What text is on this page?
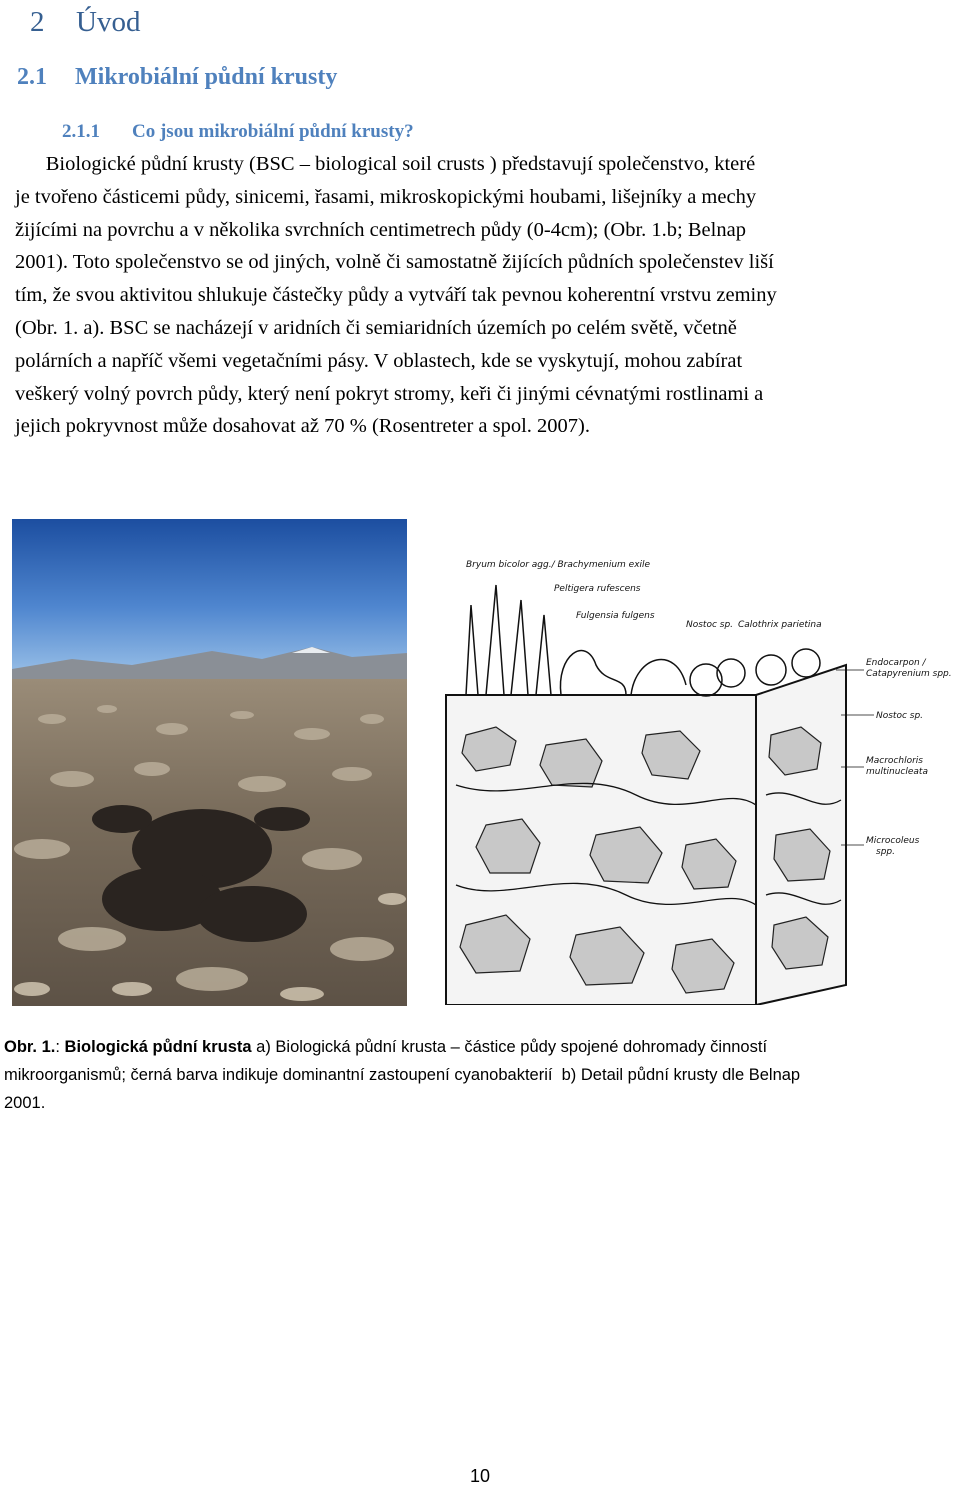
2 Úvod
2.1 Mikrobiální půdní krusty
2.1.1 Co jsou mikrobiální půdní krusty?
Biologické půdní krusty (BSC – biological soil crusts ) představují společenstvo, které
je tvořeno částicemi půdy, sinicemi, řasami, mikroskopickými houbami, lišejníky a mechy
žijícími na povrchu a v několika svrchních centimetrech půdy (0-4cm); (Obr. 1.b; Belnap
2001). Toto společenstvo se od jiných, volně či samostatně žijících půdních společenstev liší
tím, že svou aktivitou shlukuje částečky půdy a vytváří tak pevnou koherentní vrstvu zeminy
(Obr. 1. a). BSC se nacházejí v aridních či semiaridních územích po celém světě, včetně
polárních a napříč všemi vegetačními pásy. V oblastech, kde se vyskytují, mohou zabírat
veškerý volný povrch půdy, který není pokryt stromy, keři či jinými cévnatými rostlinami a
jejich pokryvnost může dosahovat až 70 % (Rosentreter a spol. 2007).
Bryum bicolor agg./ Brachymenium exile
Peltigera rufescens
Fulgensia fulgens
Nostoc sp. Calothrix parietina
Endocarpon /
Catapyrenium spp.
Nostoc sp.
Macrochloris
multinucleata
Microcoleus
spp.
Obr. 1.: Biologická půdní krusta a) Biologická půdní krusta – částice půdy spojené dohromady činností
mikroorganismů; černá barva indikuje dominantní zastoupení cyanobakterií  b) Detail půdní krusty dle Belnap
2001.
10
